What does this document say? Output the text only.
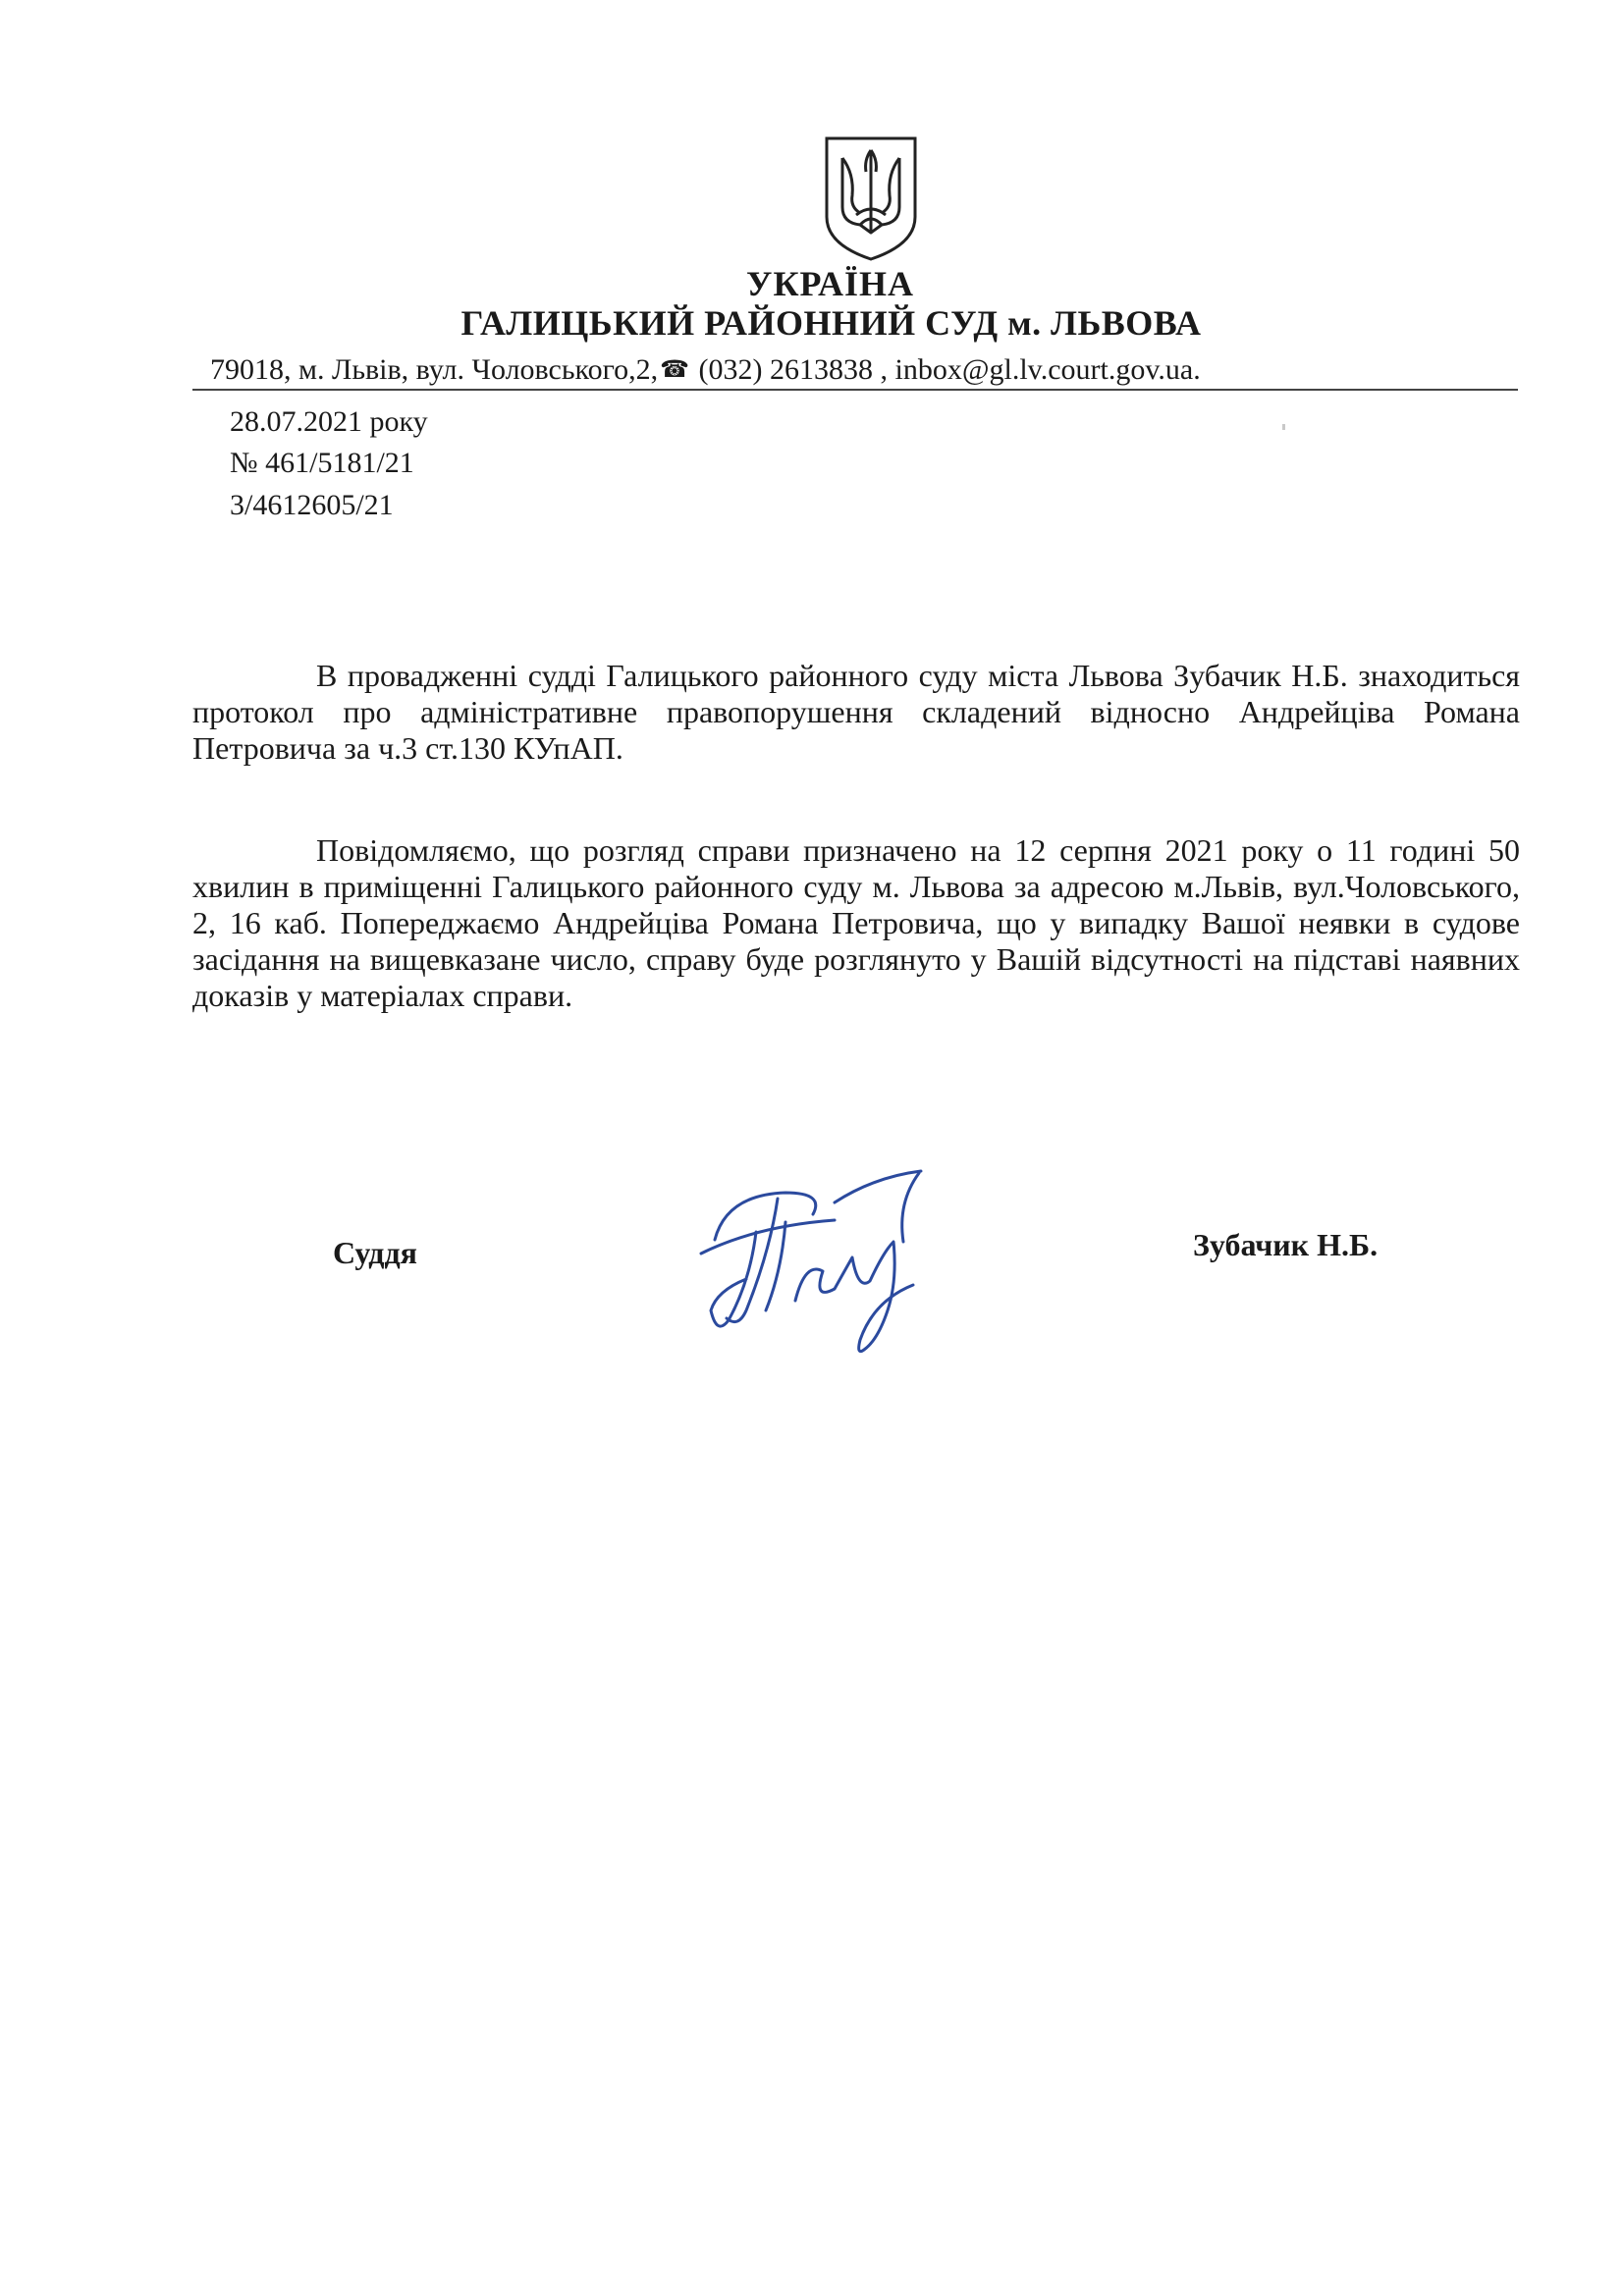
УКРАЇНА
ГАЛИЦЬКИЙ РАЙОННИЙ СУД м. ЛЬВОВА
79018, м. Львів, вул. Чоловського,2,☎ (032) 2613838 , inbox@gl.lv.court.gov.ua.
28.07.2021 року
№ 461/5181/21
3/4612605/21

В провадженні судді Галицького районного суду міста Львова Зубачик Н.Б. знаходиться протокол про адміністративне правопорушення складений відносно Андрейціва Романа Петровича за ч.3 ст.130 КУпАП.

Повідомляємо, що розгляд справи призначено на 12 серпня 2021 року о 11 годині 50 хвилин в приміщенні Галицького районного суду м. Львова за адресою м.Львів, вул.Чоловського, 2, 16 каб. Попереджаємо Андрейціва Романа Петровича, що у випадку Вашої неявки в судове засідання на вищевказане число, справу буде розглянуто у Вашій відсутності на підставі наявних доказів у матеріалах справи.

Суддя	Зубачик Н.Б.
